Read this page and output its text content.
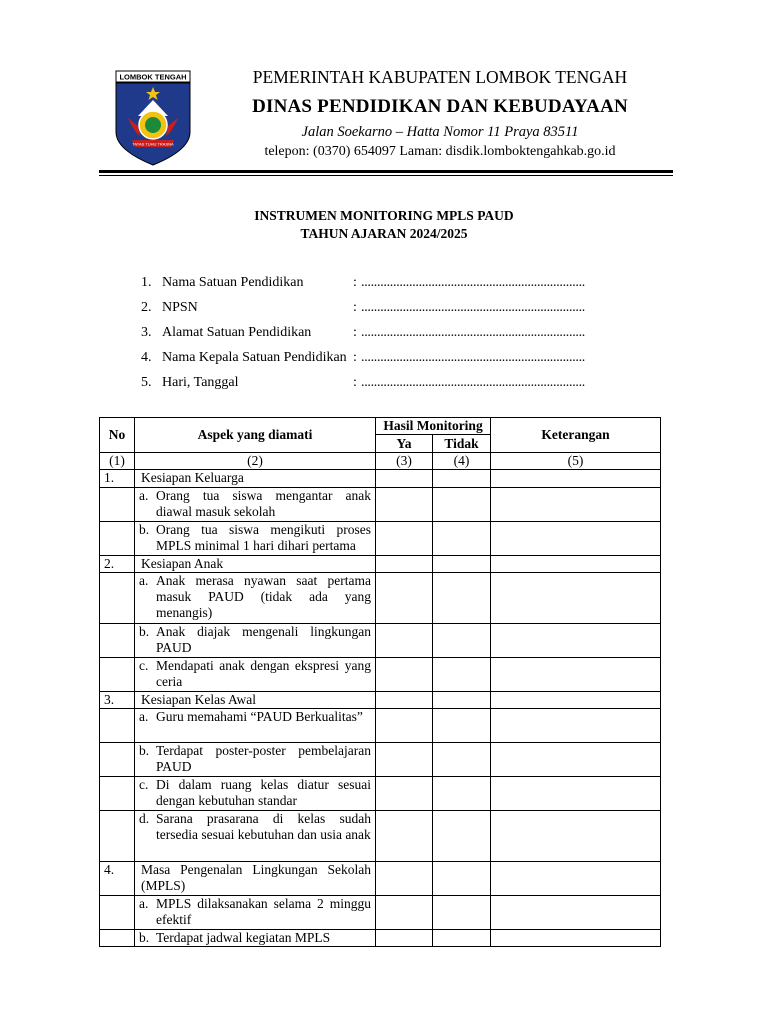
LOMBOK TENGAH
TATAS TUHU TRASNA
PEMERINTAH KABUPATEN LOMBOK TENGAH
DINAS PENDIDIKAN DAN KEBUDAYAAN
Jalan Soekarno – Hatta Nomor 11 Praya 83511
telepon: (0370) 654097 Laman: disdik.lomboktengahkab.go.id
INSTRUMEN MONITORING MPLS PAUD
TAHUN AJARAN 2024/2025
1. Nama Satuan Pendidikan	: ......................................................................
2. NPSN	: ......................................................................
3. Alamat Satuan Pendidikan	: ......................................................................
4. Nama Kepala Satuan Pendidikan : ......................................................................
5. Hari, Tanggal	: ......................................................................
No	Aspek yang diamati	Hasil Monitoring		Keterangan
		Ya	Tidak	
(1)	(2)	(3)	(4)	(5)
1.	Kesiapan Keluarga			

	a. Orang tua siswa mengantar anak diawal masuk sekolah			

	b. Orang tua siswa mengikuti proses MPLS minimal 1 hari dihari pertama			

2.	Kesiapan Anak			

	a. Anak merasa nyawan saat pertama masuk PAUD (tidak ada yang menangis)			

	b. Anak diajak mengenali lingkungan PAUD			

	c. Mendapati anak dengan ekspresi yang ceria			

3.	Kesiapan Kelas Awal			

	a. Guru memahami “PAUD Berkualitas”			

	b. Terdapat poster-poster pembelajaran PAUD			

	c. Di dalam ruang kelas diatur sesuai dengan kebutuhan standar			

	d. Sarana prasarana di kelas sudah tersedia sesuai kebutuhan dan usia anak			

4.	Masa Pengenalan Lingkungan Sekolah (MPLS)			

	a. MPLS dilaksanakan selama 2 minggu efektif			

	b. Terdapat jadwal kegiatan MPLS			
